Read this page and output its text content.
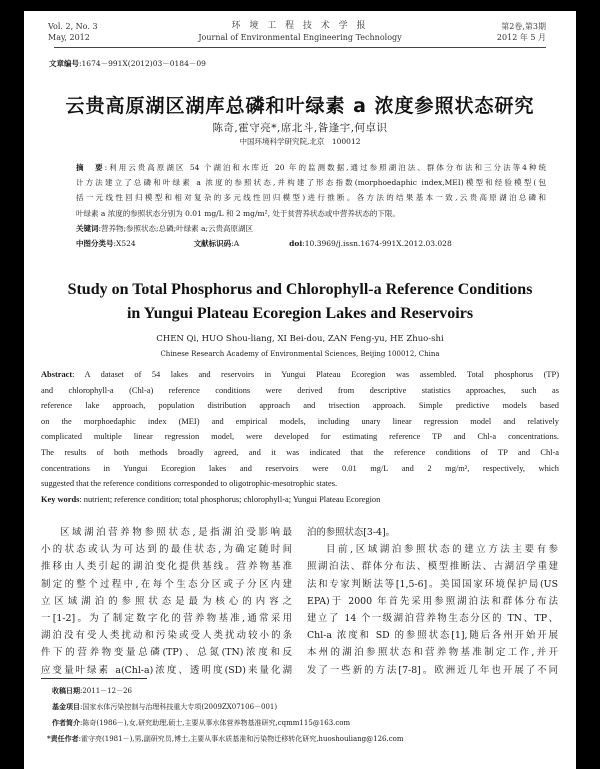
Vol. 2, No. 3
May, 2012
环 境 工 程 技 术 学 报
Journal of Environmental Engineering Technology
第2卷,第3期
2012 年 5 月
文章编号:1674－991X(2012)03－0184－09
云贵高原湖区湖库总磷和叶绿素 a 浓度参照状态研究
陈奇,霍守亮*,席北斗,昝逢宇,何卓识
中国环境科学研究院,北京　100012
摘　要:利用云贵高原湖区 54 个湖泊和水库近 20 年的监测数据,通过参照湖泊法、群体分布法和三分法等4种统
计方法建立了总磷和叶绿素 a 浓度的参照状态,并构建了形态指数(morphoedaphic index,MEI)模型和经验模型(包
括一元线性回归模型和相对复杂的多元线性回归模型)进行推断。各方法的结果基本一致,云贵高原湖泊总磷和
叶绿素 a 浓度的参照状态分别为 0.01 mg/L 和 2 mg/m², 处于贫营养状态或中营养状态的下限。
关键词:营养物;参照状态;总磷;叶绿素 a;云贵高原湖区
中图分类号:X524	文献标识码:A	doi:10.3969/j.issn.1674-991X.2012.03.028
Study on Total Phosphorus and Chlorophyll-a Reference Conditions
in Yungui Plateau Ecoregion Lakes and Reservoirs
CHEN Qi, HUO Shou-liang, XI Bei-dou, ZAN Feng-yu, HE Zhuo-shi
Chinese Research Academy of Environmental Sciences, Beijing 100012, China
Abstract: A dataset of 54 lakes and reservoirs in Yungui Plateau Ecoregion was assembled. Total phosphorus (TP)
and chlorophyll-a (Chl-a) reference conditions were derived from descriptive statistics approaches, such as
reference lake approach, population distribution approach and trisection approach. Simple predictive models based
on the morphoedaphic index (MEI) and empirical models, including unary linear regression model and relatively
complicated multiple linear regression model, were developed for estimating reference TP and Chl-a concentrations.
The results of both methods broadly agreed, and it was indicated that the reference conditions of TP and Chl-a
concentrations in Yungui Ecoregion lakes and reservoirs were 0.01 mg/L and 2 mg/m², respectively, which
suggested that the reference conditions corresponded to oligotrophic-mesotrophic states.
Key words: nutrient; reference condition; total phosphorus; chlorophyll-a; Yungui Plateau Ecoregion
区域湖泊营养物参照状态,是指湖泊受影响最
小的状态或认为可达到的最佳状态,为确定随时间
推移由人类引起的湖泊变化提供基线。营养物基准
制定的整个过程中,在每个生态分区或子分区内建
立区域湖泊的参照状态是最为核心的内容之
一[1-2]。为了制定数字化的营养物基准,通常采用
湖泊没有受人类扰动和污染或受人类扰动较小的条
件下的营养物变量总磷(TP)、总氮(TN)浓度和反
应变量叶绿素 a(Chl-a)浓度、透明度(SD)来量化湖
泊的参照状态[3-4]。
目前,区域湖泊参照状态的建立方法主要有参
照湖泊法、群体分布法、模型推断法、古湖沼学重建
法和专家判断法等[1,5-6]。美国国家环境保护局(US
EPA)于 2000 年首先采用参照湖泊法和群体分布法
建立了 14 个一级湖泊营养物生态分区的 TN、TP、
Chl-a 浓度和 SD 的参照状态[1],随后各州开始开展
本州的湖泊参照状态和营养物基准制定工作,并开
发了一些新的方法[7-8]。欧洲近几年也开展了不同
收稿日期:2011－12－26
基金项目:国家水体污染控制与治理科技重大专项(2009ZX07106－001)
作者简介:陈奇(1986－),女,研究助理,硕士,主要从事水体营养物基准研究,cqmm115@163.com
*责任作者:霍守亮(1981－),男,副研究员,博士,主要从事水质基准和污染物迁移转化研究,huoshouliang@126.com
